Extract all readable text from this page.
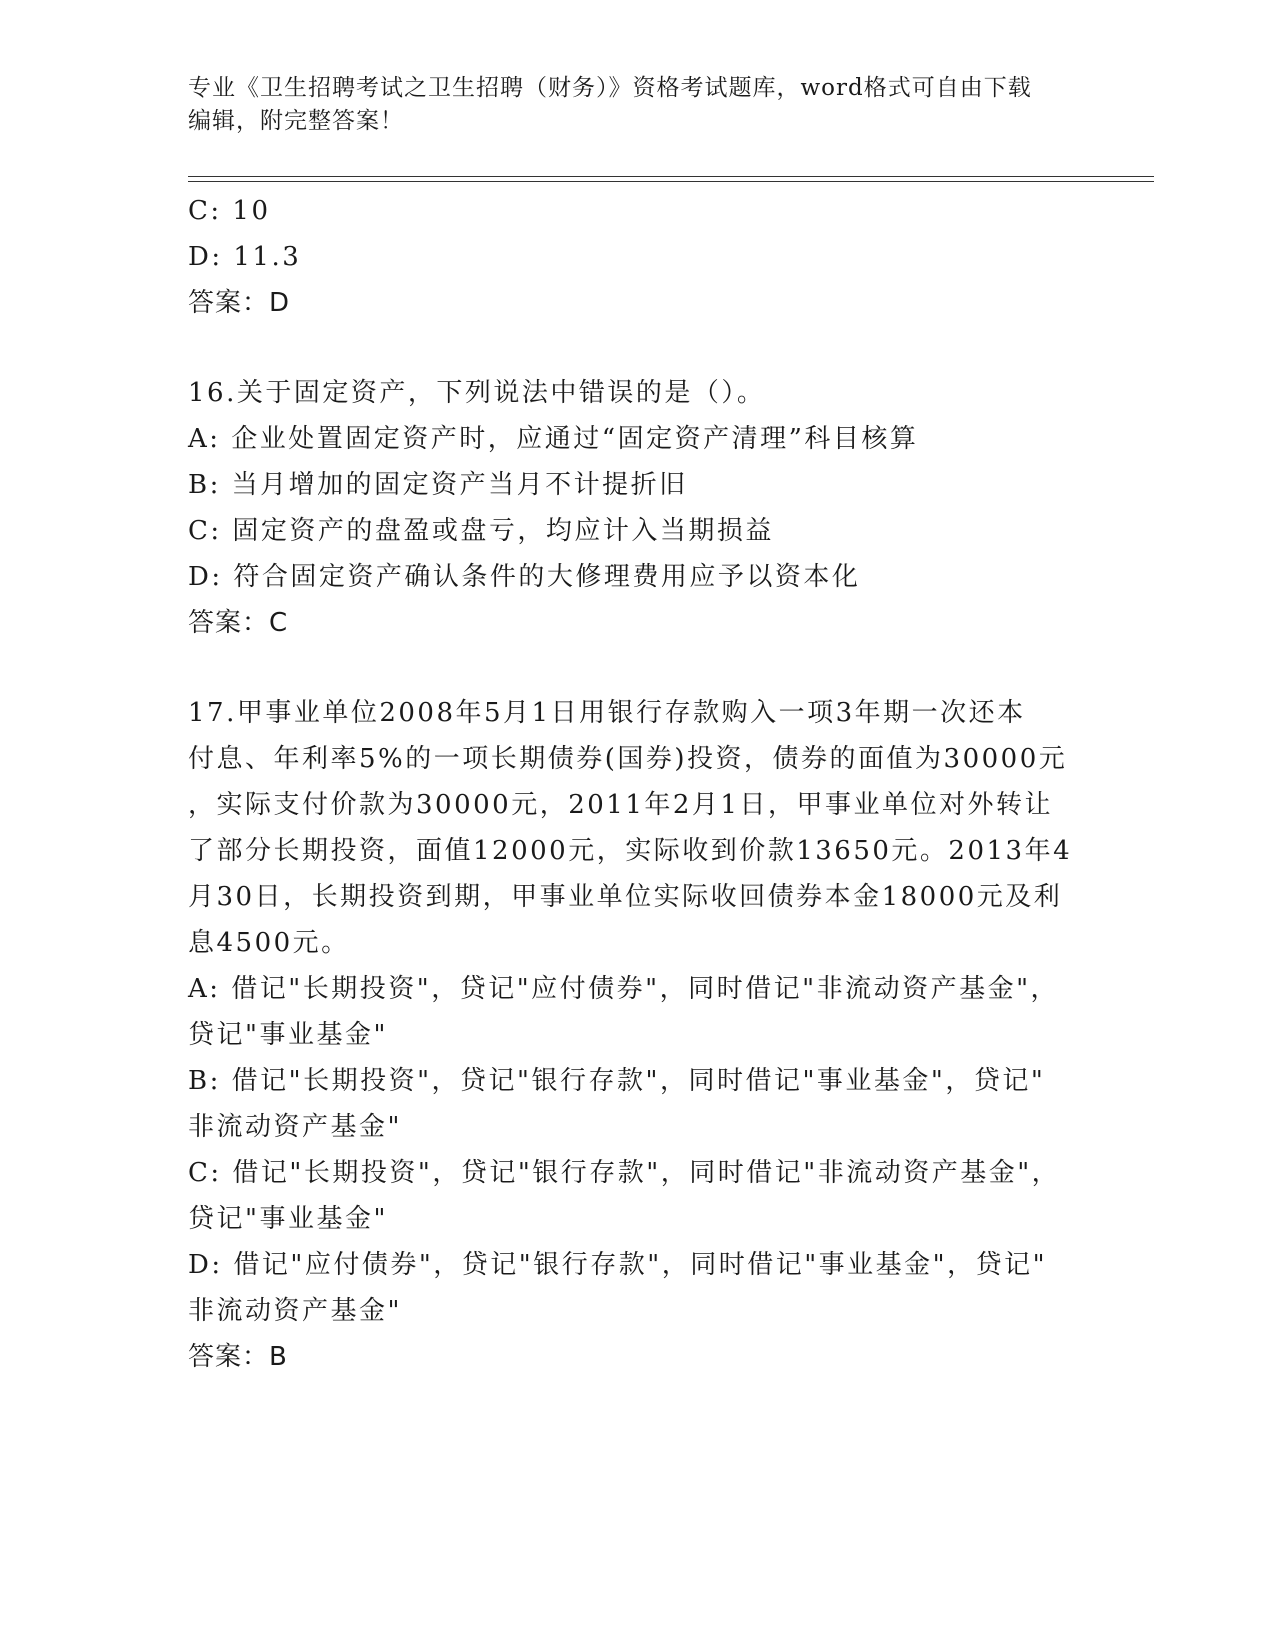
专业《卫生招聘考试之卫生招聘（财务）》资格考试题库，word格式可自由下载
编辑，附完整答案！
C: 10
D: 11.3
答案：D
16.关于固定资产，下列说法中错误的是（）。
A: 企业处置固定资产时，应通过“固定资产清理”科目核算
B: 当月增加的固定资产当月不计提折旧
C: 固定资产的盘盈或盘亏，均应计入当期损益
D: 符合固定资产确认条件的大修理费用应予以资本化
答案：C
17.甲事业单位2008年5月1日用银行存款购入一项3年期一次还本
付息、年利率5%的一项长期债券(国券)投资，债券的面值为30000元
，实际支付价款为30000元，2011年2月1日，甲事业单位对外转让
了部分长期投资，面值12000元，实际收到价款13650元。2013年4
月30日，长期投资到期，甲事业单位实际收回债券本金18000元及利
息4500元。
A: 借记"长期投资"，贷记"应付债券"，同时借记"非流动资产基金"，
贷记"事业基金"
B: 借记"长期投资"，贷记"银行存款"，同时借记"事业基金"，贷记"
非流动资产基金"
C: 借记"长期投资"，贷记"银行存款"，同时借记"非流动资产基金"，
贷记"事业基金"
D: 借记"应付债券"，贷记"银行存款"，同时借记"事业基金"，贷记"
非流动资产基金"
答案：B
